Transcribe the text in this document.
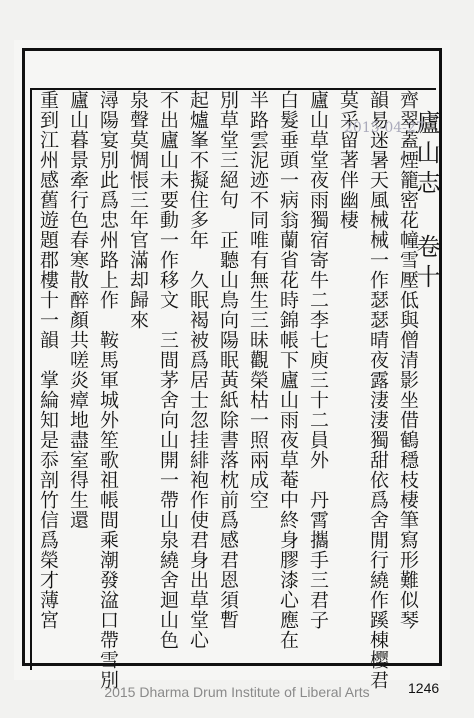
齊翠蓋煙籠密花幢雪壓低與僧清影坐借鶴穩枝棲筆寫形難似琴
韻易迷暑天風械械一作瑟瑟晴夜露淒淒獨甜依爲舍閒行繞作蹊棟樱君
莫采留著伴幽棲
廬山草堂夜雨獨宿寄牛二李七庾三十二員外　丹霄攜手三君子
白髮垂頭一病翁蘭省花時錦帳下廬山雨夜草菴中終身膠漆心應在
半路雲泥迹不同唯有無生三昧觀榮枯一照兩成空
別草堂三絕句　正聽山鳥向陽眠黃紙除書落枕前爲感君恩須暫
起爐峯不擬住多年　久眠褐被爲居士忽挂緋袍作使君身出草堂心
不出廬山未要動一作移文　三間茅舍向山開一帶山泉繞舍迴山色
泉聲莫惆悵三年官滿却歸來
潯陽宴別此爲忠州路上作　鞍馬軍城外笙歌祖帳間乘潮發湓口帶雪別
廬山暮景牽行色春寒散醉顏共嗟炎瘴地盡室得生還
重到江州感舊遊題郡樓十一韻　掌綸知是忝剖竹信爲榮才薄宮	廬山志 卷十
2015-04-27
2015 Dharma Drum Institute of Liberal Arts	1246
